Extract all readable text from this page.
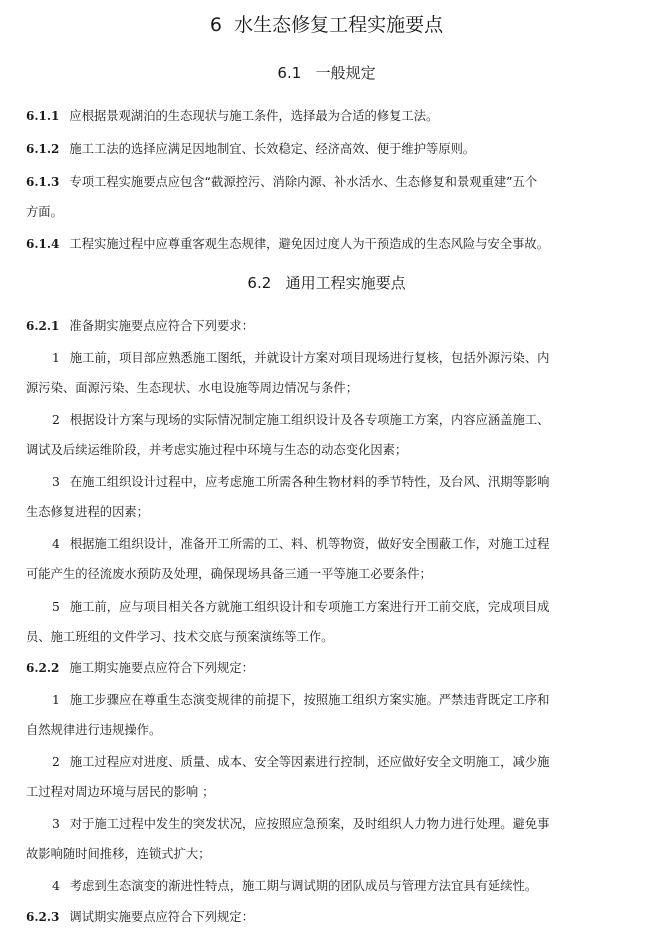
6 水生态修复工程实施要点
6.1 一般规定
6.1.1 应根据景观湖泊的生态现状与施工条件，选择最为合适的修复工法。
6.1.2 施工工法的选择应满足因地制宜、长效稳定、经济高效、便于维护等原则。
6.1.3 专项工程实施要点应包含“截源控污、消除内源、补水活水、生态修复和景观重建”五个
方面。
6.1.4 工程实施过程中应尊重客观生态规律，避免因过度人为干预造成的生态风险与安全事故。
6.2 通用工程实施要点
6.2.1 准备期实施要点应符合下列要求：
1 施工前，项目部应熟悉施工图纸，并就设计方案对项目现场进行复核，包括外源污染、内
源污染、面源污染、生态现状、水电设施等周边情况与条件；
2 根据设计方案与现场的实际情况制定施工组织设计及各专项施工方案，内容应涵盖施工、
调试及后续运维阶段，并考虑实施过程中环境与生态的动态变化因素；
3 在施工组织设计过程中，应考虑施工所需各种生物材料的季节特性，及台风、汛期等影响
生态修复进程的因素；
4 根据施工组织设计，准备开工所需的工、料、机等物资，做好安全围蔽工作，对施工过程
可能产生的径流废水预防及处理，确保现场具备三通一平等施工必要条件；
5 施工前，应与项目相关各方就施工组织设计和专项施工方案进行开工前交底，完成项目成
员、施工班组的文件学习、技术交底与预案演练等工作。
6.2.2 施工期实施要点应符合下列规定：
1 施工步骤应在尊重生态演变规律的前提下，按照施工组织方案实施。严禁违背既定工序和
自然规律进行违规操作。
2 施工过程应对进度、质量、成本、安全等因素进行控制，还应做好安全文明施工，减少施
工过程对周边环境与居民的影响 ；
3 对于施工过程中发生的突发状况，应按照应急预案，及时组织人力物力进行处理。避免事
故影响随时间推移，连锁式扩大；
4 考虑到生态演变的渐进性特点，施工期与调试期的团队成员与管理方法宜具有延续性。
6.2.3 调试期实施要点应符合下列规定：
